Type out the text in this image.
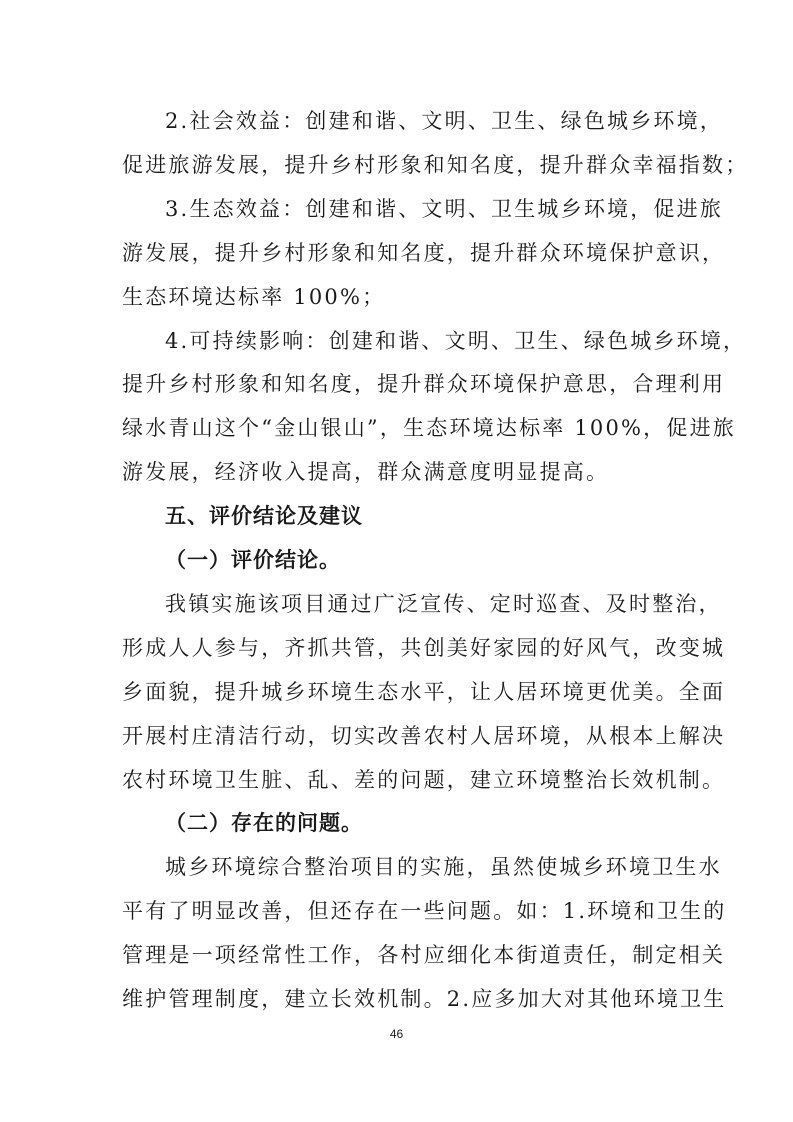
2.社会效益：创建和谐、文明、卫生、绿色城乡环境，
促进旅游发展，提升乡村形象和知名度，提升群众幸福指数；
3.生态效益：创建和谐、文明、卫生城乡环境，促进旅
游发展，提升乡村形象和知名度，提升群众环境保护意识，
生态环境达标率 100%；
4.可持续影响：创建和谐、文明、卫生、绿色城乡环境，
提升乡村形象和知名度，提升群众环境保护意思，合理利用
绿水青山这个“金山银山”，生态环境达标率 100%，促进旅
游发展，经济收入提高，群众满意度明显提高。
五、评价结论及建议
（一）评价结论。
我镇实施该项目通过广泛宣传、定时巡查、及时整治，
形成人人参与，齐抓共管，共创美好家园的好风气，改变城
乡面貌，提升城乡环境生态水平，让人居环境更优美。全面
开展村庄清洁行动，切实改善农村人居环境，从根本上解决
农村环境卫生脏、乱、差的问题，建立环境整治长效机制。
（二）存在的问题。
城乡环境综合整治项目的实施，虽然使城乡环境卫生水
平有了明显改善，但还存在一些问题。如：1.环境和卫生的
管理是一项经常性工作，各村应细化本街道责任，制定相关
维护管理制度，建立长效机制。2.应多加大对其他环境卫生
46
